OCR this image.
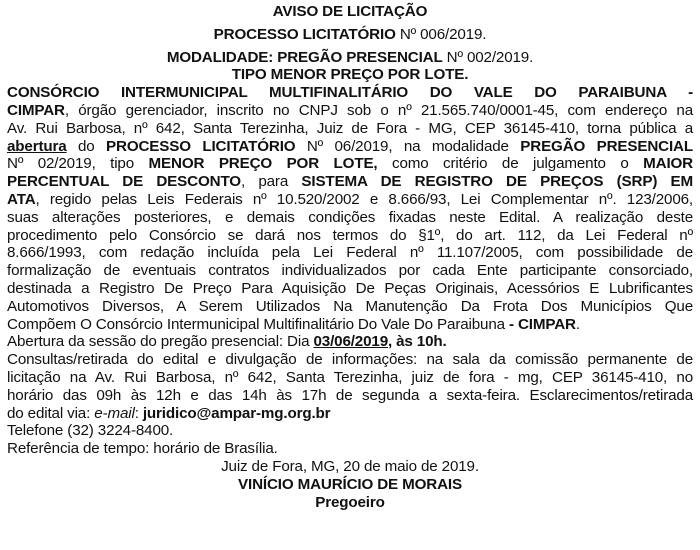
AVISO DE LICITAÇÃO

PROCESSO LICITATÓRIO Nº 006/2019.

MODALIDADE: PREGÃO PRESENCIAL Nº 002/2019.

TIPO MENOR PREÇO POR LOTE.

CONSÓRCIO INTERMUNICIPAL MULTIFINALITÁRIO DO VALE DO PARAIBUNA -
CIMPAR, órgão gerenciador, inscrito no CNPJ sob o nº 21.565.740/0001-45, com endereço na
Av. Rui Barbosa, nº 642, Santa Terezinha, Juiz de Fora - MG, CEP 36145-410, torna pública a
abertura do PROCESSO LICITATÓRIO Nº 06/2019, na modalidade PREGÃO PRESENCIAL
Nº 02/2019, tipo MENOR PREÇO POR LOTE, como critério de julgamento o MAIOR
PERCENTUAL DE DESCONTO, para SISTEMA DE REGISTRO DE PREÇOS (SRP) EM
ATA, regido pelas Leis Federais nº 10.520/2002 e 8.666/93, Lei Complementar nº. 123/2006,
suas alterações posteriores, e demais condições fixadas neste Edital. A realização deste
procedimento pelo Consórcio se dará nos termos do §1º, do art. 112, da Lei Federal nº
8.666/1993, com redação incluída pela Lei Federal nº 11.107/2005, com possibilidade de
formalização de eventuais contratos individualizados por cada Ente participante consorciado,
destinada a Registro De Preço Para Aquisição De Peças Originais, Acessórios E Lubrificantes
Automotivos Diversos, A Serem Utilizados Na Manutenção Da Frota Dos Municípios Que
Compõem O Consórcio Intermunicipal Multifinalitário Do Vale Do Paraibuna - CIMPAR.

Abertura da sessão do pregão presencial: Dia 03/06/2019, às 10h.

Consultas/retirada do edital e divulgação de informações: na sala da comissão permanente de
licitação na Av. Rui Barbosa, nº 642, Santa Terezinha, juiz de fora - mg, CEP 36145-410, no
horário das 09h às 12h e das 14h às 17h de segunda a sexta-feira. Esclarecimentos/retirada
do edital via: e-mail: juridico@ampar-mg.org.br

Telefone (32) 3224-8400.

Referência de tempo: horário de Brasília.

Juiz de Fora, MG, 20 de maio de 2019.

VINÍCIO MAURÍCIO DE MORAIS

Pregoeiro
